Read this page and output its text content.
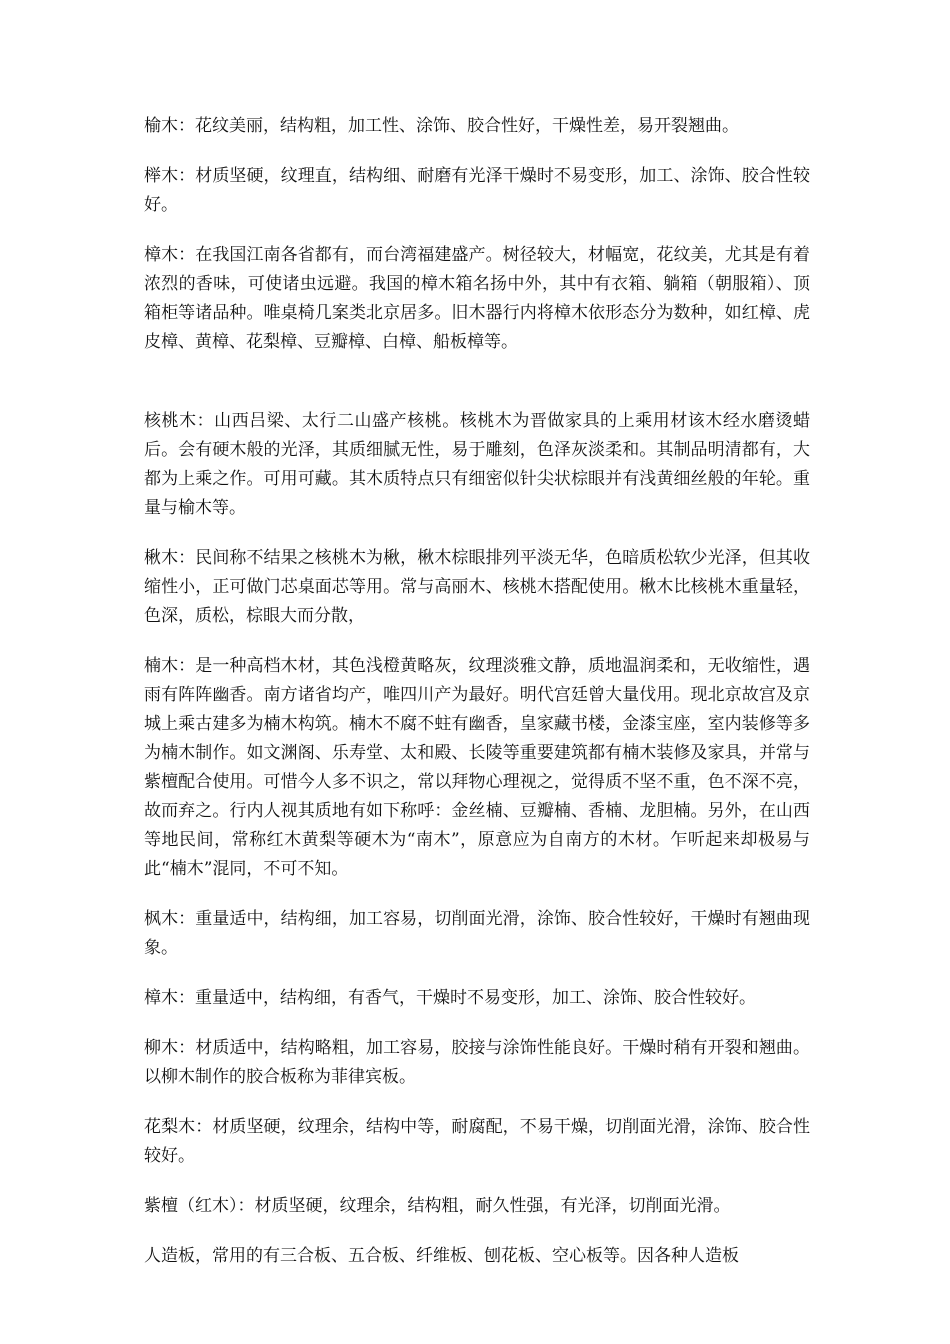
榆木：花纹美丽，结构粗，加工性、涂饰、胶合性好，干燥性差，易开裂翘曲。

榉木：材质坚硬，纹理直，结构细、耐磨有光泽干燥时不易变形，加工、涂饰、胶合性较好。

樟木：在我国江南各省都有，而台湾福建盛产。树径较大，材幅宽，花纹美，尤其是有着浓烈的香味，可使诸虫远避。我国的樟木箱名扬中外，其中有衣箱、躺箱（朝服箱）、顶箱柜等诸品种。唯桌椅几案类北京居多。旧木器行内将樟木依形态分为数种，如红樟、虎皮樟、黄樟、花梨樟、豆瓣樟、白樟、船板樟等。

核桃木：山西吕梁、太行二山盛产核桃。核桃木为晋做家具的上乘用材该木经水磨烫蜡后。会有硬木般的光泽，其质细腻无性，易于雕刻，色泽灰淡柔和。其制品明清都有，大都为上乘之作。可用可藏。其木质特点只有细密似针尖状棕眼并有浅黄细丝般的年轮。重量与榆木等。

楸木：民间称不结果之核桃木为楸，楸木棕眼排列平淡无华，色暗质松软少光泽，但其收缩性小，正可做门芯桌面芯等用。常与高丽木、核桃木搭配使用。楸木比核桃木重量轻，色深，质松，棕眼大而分散，

楠木：是一种高档木材，其色浅橙黄略灰，纹理淡雅文静，质地温润柔和，无收缩性，遇雨有阵阵幽香。南方诸省均产，唯四川产为最好。明代宫廷曾大量伐用。现北京故宫及京城上乘古建多为楠木构筑。楠木不腐不蛀有幽香，皇家藏书楼，金漆宝座，室内装修等多为楠木制作。如文渊阁、乐寿堂、太和殿、长陵等重要建筑都有楠木装修及家具，并常与紫檀配合使用。可惜今人多不识之，常以拜物心理视之，觉得质不坚不重，色不深不亮，故而弃之。行内人视其质地有如下称呼：金丝楠、豆瓣楠、香楠、龙胆楠。另外，在山西等地民间，常称红木黄梨等硬木为“南木”，原意应为自南方的木材。乍听起来却极易与此“楠木”混同，不可不知。

枫木：重量适中，结构细，加工容易，切削面光滑，涂饰、胶合性较好，干燥时有翘曲现象。

樟木：重量适中，结构细，有香气，干燥时不易变形，加工、涂饰、胶合性较好。

柳木：材质适中，结构略粗，加工容易，胶接与涂饰性能良好。干燥时稍有开裂和翘曲。以柳木制作的胶合板称为菲律宾板。

花梨木：材质坚硬，纹理余，结构中等，耐腐配，不易干燥，切削面光滑，涂饰、胶合性较好。

紫檀（红木）：材质坚硬，纹理余，结构粗，耐久性强，有光泽，切削面光滑。

人造板，常用的有三合板、五合板、纤维板、刨花板、空心板等。因各种人造板
